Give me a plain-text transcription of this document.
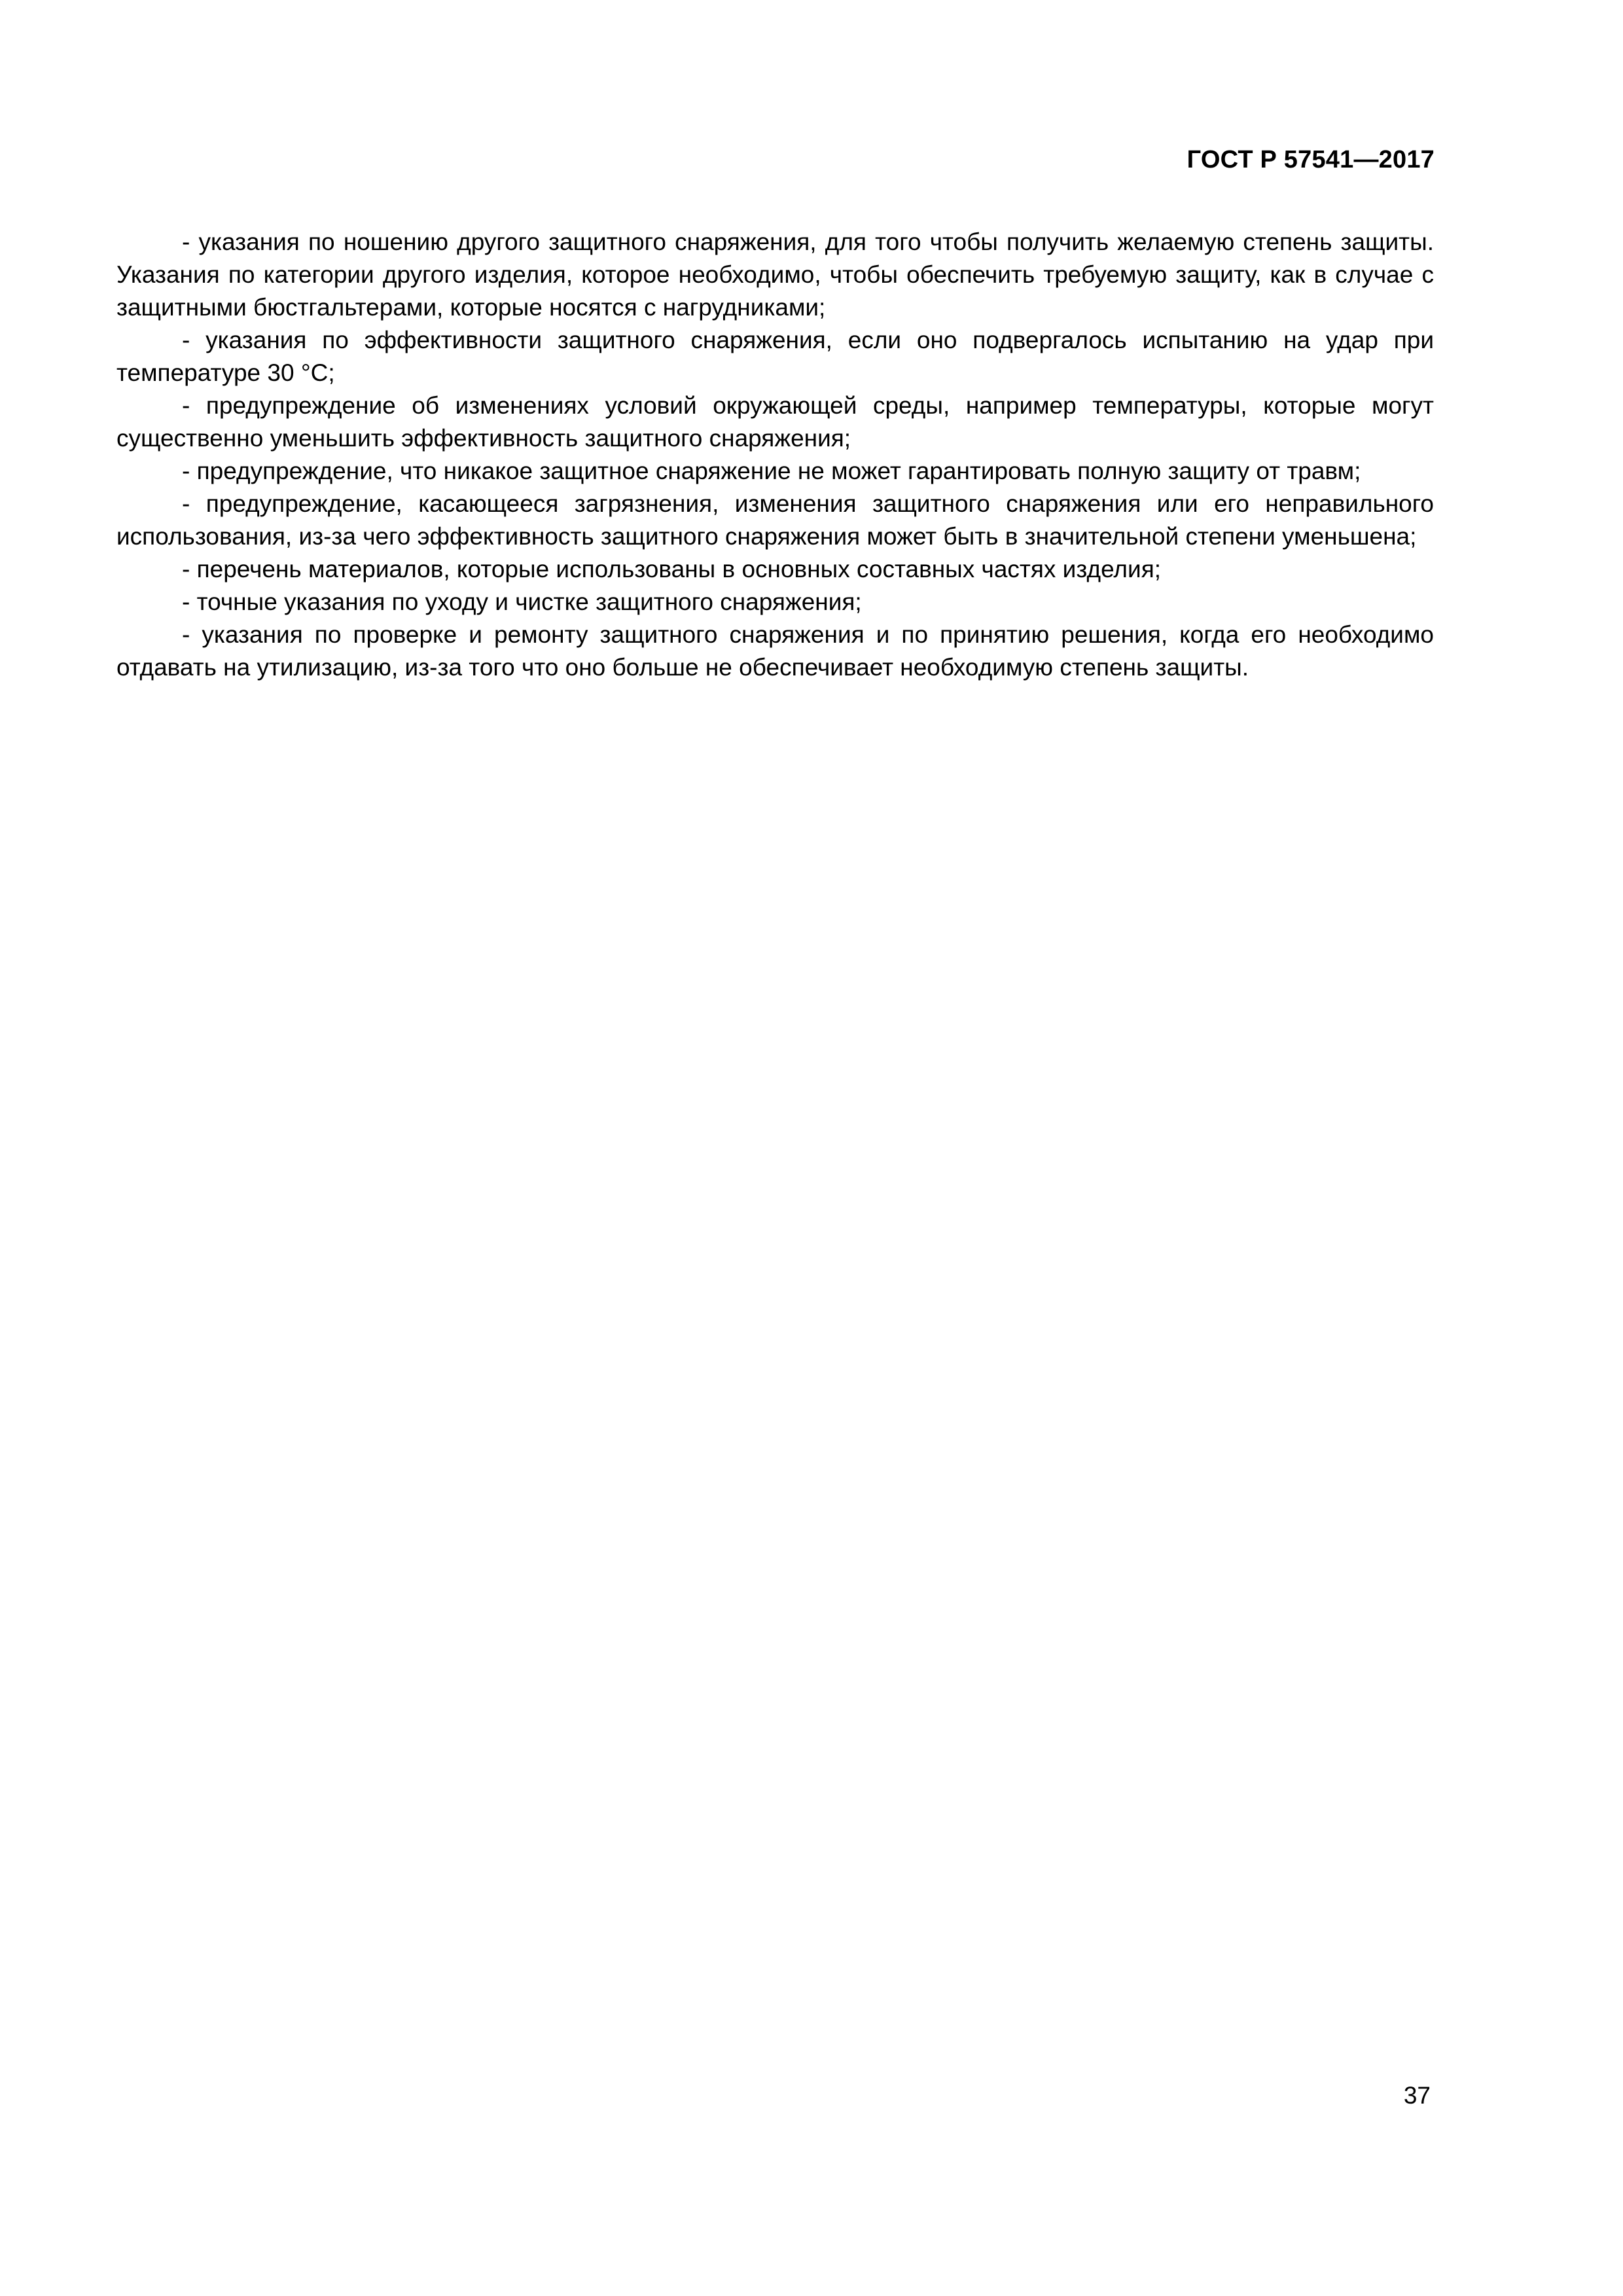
ГОСТ Р 57541—2017

- указания по ношению другого защитного снаряжения, для того чтобы получить желаемую степень защиты. Указания по категории другого изделия, которое необходимо, чтобы обеспечить требуемую защиту, как в случае с защитными бюстгальтерами, которые носятся с нагрудниками;

- указания по эффективности защитного снаряжения, если оно подвергалось испытанию на удар при температуре 30 °C;

- предупреждение об изменениях условий окружающей среды, например температуры, которые могут существенно уменьшить эффективность защитного снаряжения;

- предупреждение, что никакое защитное снаряжение не может гарантировать полную защиту от травм;

- предупреждение, касающееся загрязнения, изменения защитного снаряжения или его неправильного использования, из-за чего эффективность защитного снаряжения может быть в значительной степени уменьшена;

- перечень материалов, которые использованы в основных составных частях изделия;

- точные указания по уходу и чистке защитного снаряжения;

- указания по проверке и ремонту защитного снаряжения и по принятию решения, когда его необходимо отдавать на утилизацию, из-за того что оно больше не обеспечивает необходимую степень защиты.

37
